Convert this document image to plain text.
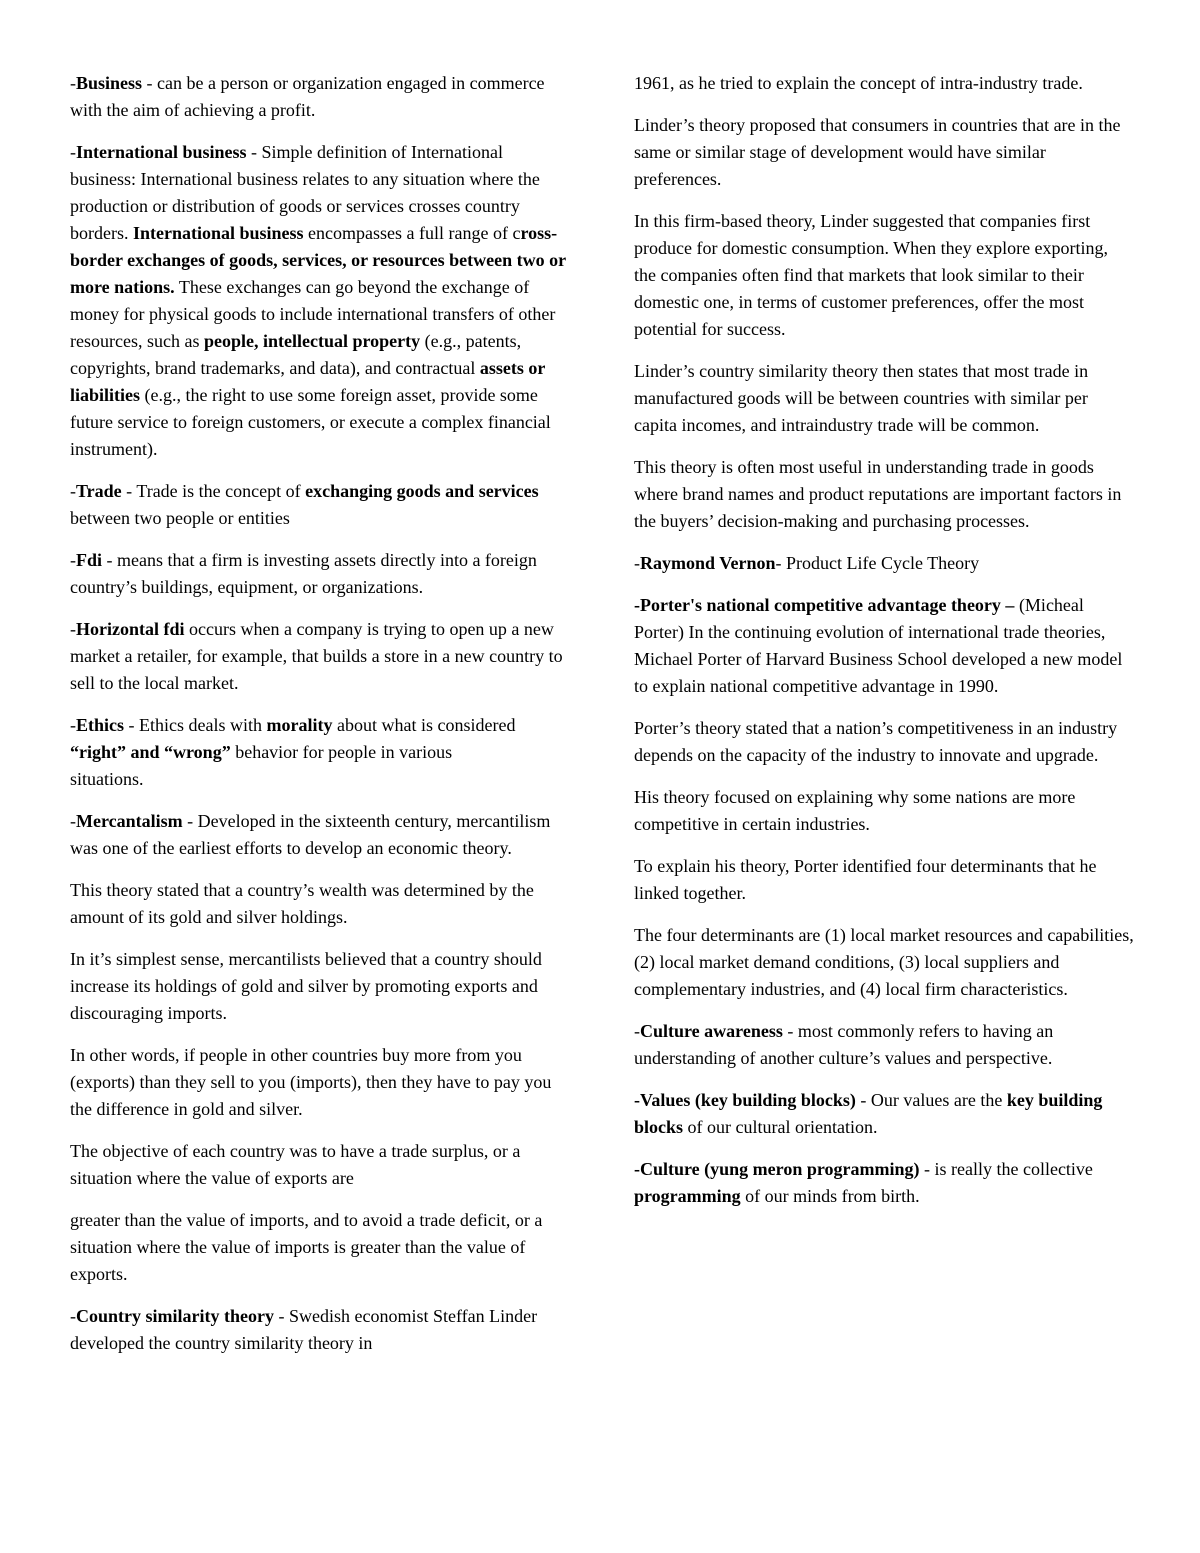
-Business - can be a person or organization engaged in commerce with the aim of achieving a profit.

-International business - Simple definition of International business: International business relates to any situation where the production or distribution of goods or services crosses country borders. International business encompasses a full range of cross-border exchanges of goods, services, or resources between two or more nations. These exchanges can go beyond the exchange of money for physical goods to include international transfers of other resources, such as people, intellectual property (e.g., patents, copyrights, brand trademarks, and data), and contractual assets or liabilities (e.g., the right to use some foreign asset, provide some future service to foreign customers, or execute a complex financial instrument).

-Trade - Trade is the concept of exchanging goods and services between two people or entities

-Fdi - means that a firm is investing assets directly into a foreign country’s buildings, equipment, or organizations.

-Horizontal fdi occurs when a company is trying to open up a new market a retailer, for example, that builds a store in a new country to sell to the local market.

-Ethics - Ethics deals with morality about what is considered “right” and “wrong” behavior for people in various
situations.

-Mercantalism - Developed in the sixteenth century, mercantilism was one of the earliest efforts to develop an economic theory.

This theory stated that a country’s wealth was determined by the amount of its gold and silver holdings.

In it’s simplest sense, mercantilists believed that a country should increase its holdings of gold and silver by promoting exports and discouraging imports.

In other words, if people in other countries buy more from you (exports) than they sell to you (imports), then they have to pay you the difference in gold and silver.

The objective of each country was to have a trade surplus, or a situation where the value of exports are

greater than the value of imports, and to avoid a trade deficit, or a situation where the value of imports is greater than the value of exports.

-Country similarity theory - Swedish economist Steffan Linder developed the country similarity theory in

1961, as he tried to explain the concept of intra-industry trade.

Linder’s theory proposed that consumers in countries that are in the same or similar stage of development would have similar preferences.

In this firm-based theory, Linder suggested that companies first produce for domestic consumption. When they explore exporting, the companies often find that markets that look similar to their domestic one, in terms of customer preferences, offer the most potential for success.

Linder’s country similarity theory then states that most trade in manufactured goods will be between countries with similar per capita incomes, and intraindustry trade will be common.

This theory is often most useful in understanding trade in goods where brand names and product reputations are important factors in the buyers’ decision-making and purchasing processes.

-Raymond Vernon- Product Life Cycle Theory

-Porter's national competitive advantage theory – (Micheal Porter) In the continuing evolution of international trade theories, Michael Porter of Harvard Business School developed a new model to explain national competitive advantage in 1990.

Porter’s theory stated that a nation’s competitiveness in an industry depends on the capacity of the industry to innovate and upgrade.

His theory focused on explaining why some nations are more competitive in certain industries.

To explain his theory, Porter identified four determinants that he linked together.

The four determinants are (1) local market resources and capabilities, (2) local market demand conditions, (3) local suppliers and complementary industries, and (4) local firm characteristics.

-Culture awareness - most commonly refers to having an understanding of another culture’s values and perspective.

-Values (key building blocks) - Our values are the key building blocks of our cultural orientation.

-Culture (yung meron programming) - is really the collective programming of our minds from birth.
